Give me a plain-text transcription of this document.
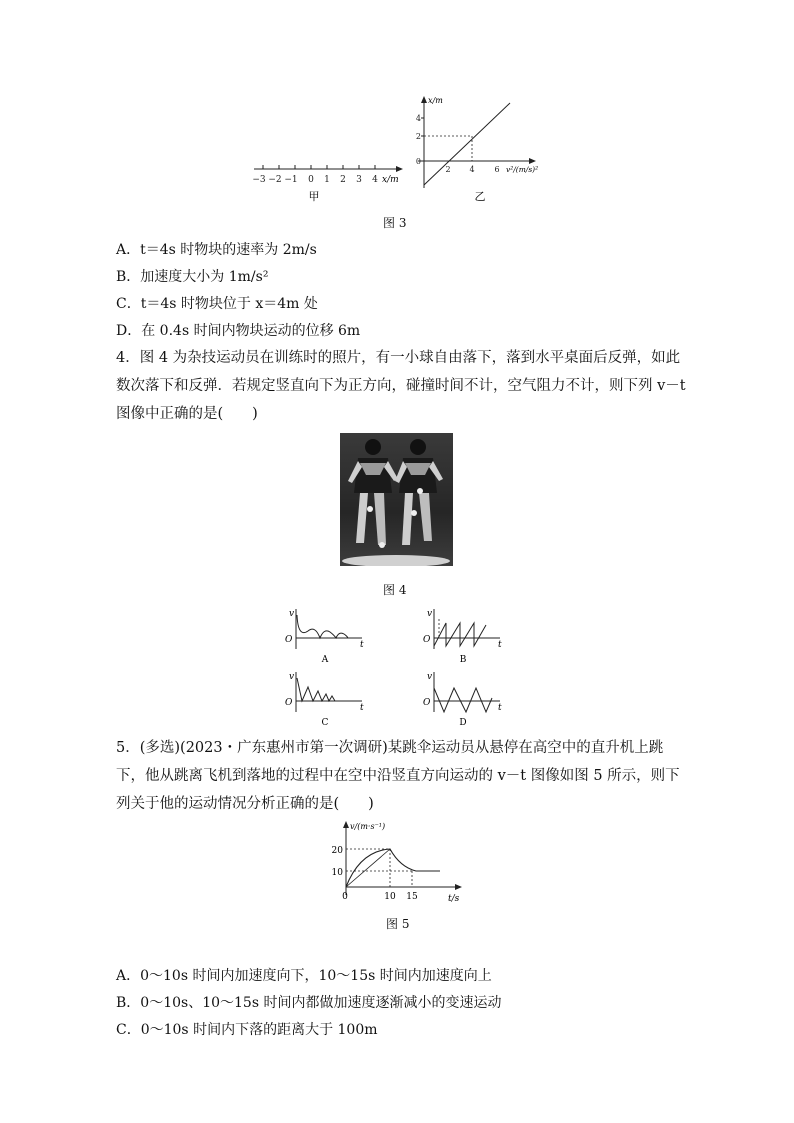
−3 −2 −1 0 1 2 3 4 x/m
甲
x/m
v²/(m/s)²
4
2
0
2 4 6
乙
图 3
A．t＝4s 时物块的速率为 2m/s
B．加速度大小为 1m/s²
C．t＝4s 时物块位于 x＝4m 处
D．在 0.4s 时间内物块运动的位移 6m
4．图 4 为杂技运动员在训练时的照片，有一小球自由落下，落到水平桌面后反弹，如此数次落下和反弹．若规定竖直向下为正方向，碰撞时间不计，空气阻力不计，则下列 v－t 图像中正确的是(　　)
图 4
v
O	t
A
v
O	t
B
v
O	t
C
v
O	t
D
5．(多选)(2023・广东惠州市第一次调研)某跳伞运动员从悬停在高空中的直升机上跳下，他从跳离飞机到落地的过程中在空中沿竖直方向运动的 v－t 图像如图 5 所示，则下列关于他的运动情况分析正确的是(　　)
v/(m·s⁻¹)
20
10
0	10 15	t/s
图 5
A．0～10s 时间内加速度向下，10～15s 时间内加速度向上
B．0～10s、10～15s 时间内都做加速度逐渐减小的变速运动
C．0～10s 时间内下落的距离大于 100m
